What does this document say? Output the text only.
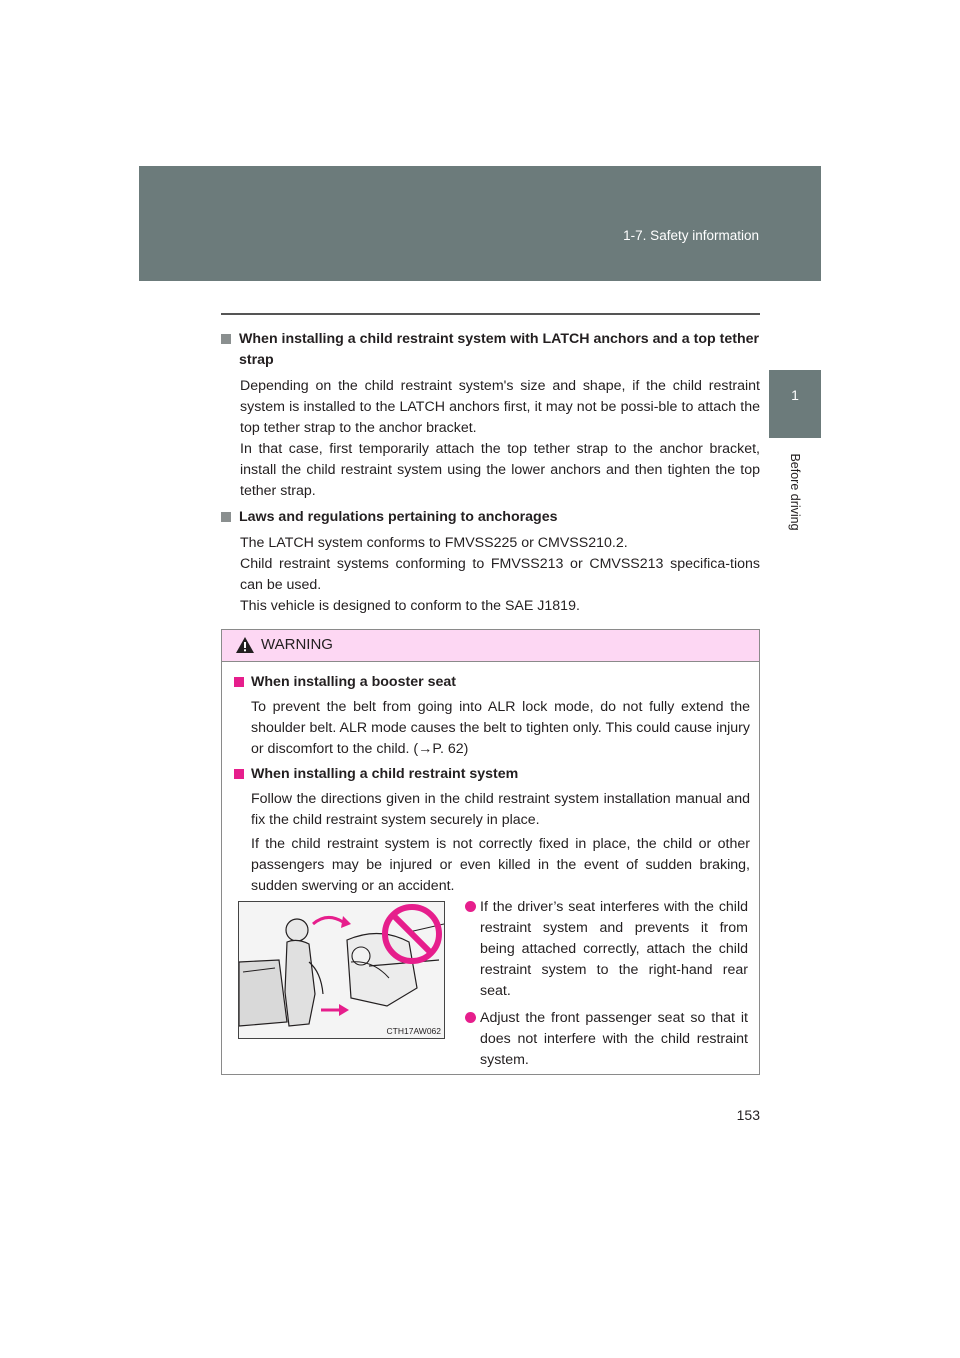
1-7. Safety information
1
Before driving
When installing a child restraint system with LATCH anchors and a top tether strap

Depending on the child restraint system's size and shape, if the child restraint system is installed to the LATCH anchors first, it may not be possi-ble to attach the top tether strap to the anchor bracket.

In that case, first temporarily attach the top tether strap to the anchor bracket, install the child restraint system using the lower anchors and then tighten the top tether strap.

Laws and regulations pertaining to anchorages

The LATCH system conforms to FMVSS225 or CMVSS210.2.

Child restraint systems conforming to FMVSS213 or CMVSS213 specifica-tions can be used.

This vehicle is designed to conform to the SAE J1819.

WARNING
When installing a booster seat

To prevent the belt from going into ALR lock mode, do not fully extend the shoulder belt. ALR mode causes the belt to tighten only. This could cause injury or discomfort to the child. (→P. 62)

When installing a child restraint system

Follow the directions given in the child restraint system installation manual and fix the child restraint system securely in place.

If the child restraint system is not correctly fixed in place, the child or other passengers may be injured or even killed in the event of sudden braking, sudden swerving or an accident.

CTH17AW062
If the driver’s seat interferes with the child restraint system and prevents it from being attached correctly, attach the child restraint system to the right-hand rear seat.
Adjust the front passenger seat so that it does not interfere with the child restraint system.
153
